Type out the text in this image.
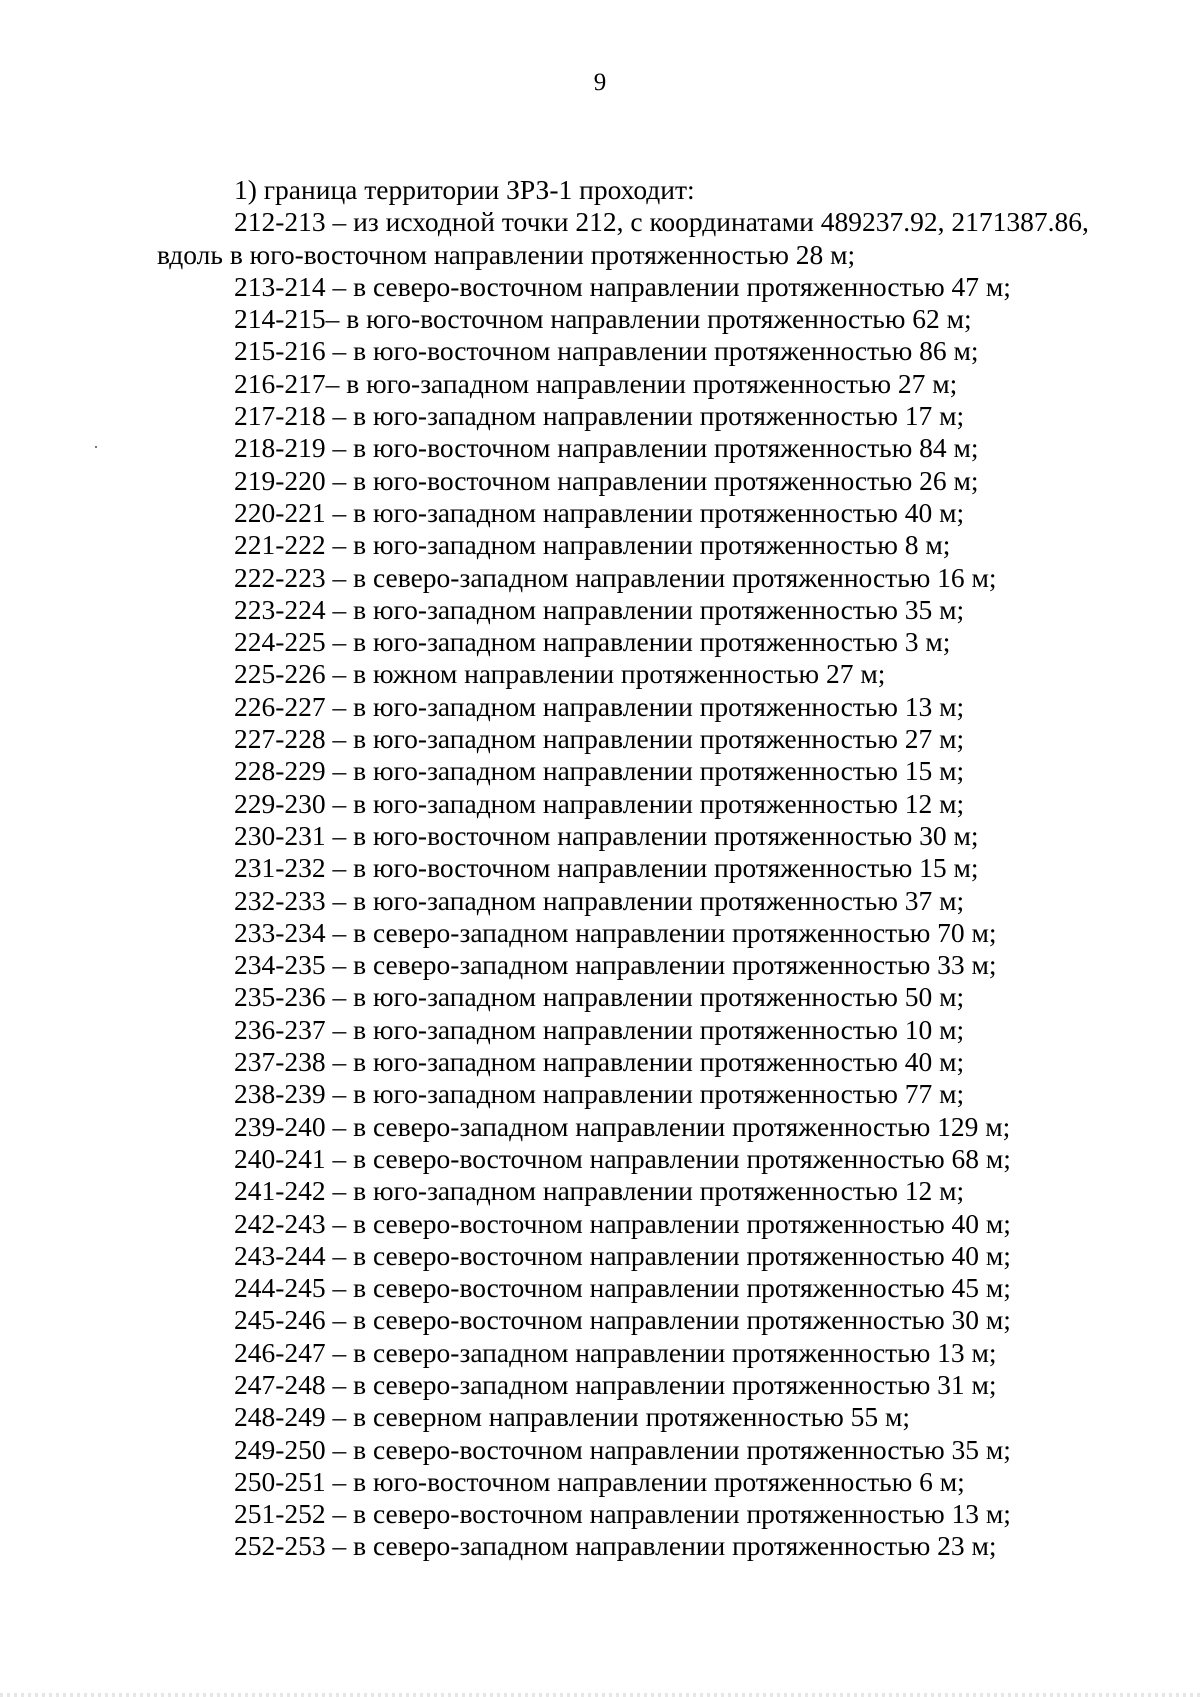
9
1) граница территории ЗРЗ-1 проходит:
212-213 – из исходной точки 212, с координатами 489237.92, 2171387.86,
вдоль в юго-восточном направлении протяженностью 28 м;
213-214 – в северо-восточном направлении протяженностью 47 м;
214-215– в юго-восточном направлении протяженностью 62 м;
215-216 – в юго-восточном направлении протяженностью 86 м;
216-217– в юго-западном направлении протяженностью 27 м;
217-218 – в юго-западном направлении протяженностью 17 м;
218-219 – в юго-восточном направлении протяженностью 84 м;
219-220 – в юго-восточном направлении протяженностью 26 м;
220-221 – в юго-западном направлении протяженностью 40 м;
221-222 – в юго-западном направлении протяженностью 8 м;
222-223 – в северо-западном направлении протяженностью 16 м;
223-224 – в юго-западном направлении протяженностью 35 м;
224-225 – в юго-западном направлении протяженностью 3 м;
225-226 – в южном направлении протяженностью 27 м;
226-227 – в юго-западном направлении протяженностью 13 м;
227-228 – в юго-западном направлении протяженностью 27 м;
228-229 – в юго-западном направлении протяженностью 15 м;
229-230 – в юго-западном направлении протяженностью 12 м;
230-231 – в юго-восточном направлении протяженностью 30 м;
231-232 – в юго-восточном направлении протяженностью 15 м;
232-233 – в юго-западном направлении протяженностью 37 м;
233-234 – в северо-западном направлении протяженностью 70 м;
234-235 – в северо-западном направлении протяженностью 33 м;
235-236 – в юго-западном направлении протяженностью 50 м;
236-237 – в юго-западном направлении протяженностью 10 м;
237-238 – в юго-западном направлении протяженностью 40 м;
238-239 – в юго-западном направлении протяженностью 77 м;
239-240 – в северо-западном направлении протяженностью 129 м;
240-241 – в северо-восточном направлении протяженностью 68 м;
241-242 – в юго-западном направлении протяженностью 12 м;
242-243 – в северо-восточном направлении протяженностью 40 м;
243-244 – в северо-восточном направлении протяженностью 40 м;
244-245 – в северо-восточном направлении протяженностью 45 м;
245-246 – в северо-восточном направлении протяженностью 30 м;
246-247 – в северо-западном направлении протяженностью 13 м;
247-248 – в северо-западном направлении протяженностью 31 м;
248-249 – в северном направлении протяженностью 55 м;
249-250 – в северо-восточном направлении протяженностью 35 м;
250-251 – в юго-восточном направлении протяженностью 6 м;
251-252 – в северо-восточном направлении протяженностью 13 м;
252-253 – в северо-западном направлении протяженностью 23 м;
